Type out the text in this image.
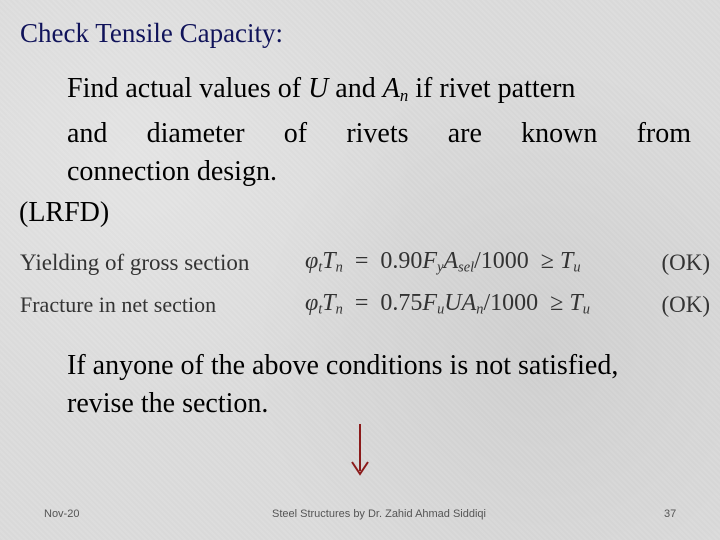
Check Tensile Capacity:
Find actual values of U and $A_n$ if rivet pattern
and diameter of rivets are known from
connection design.
(LRFD)
Yielding of gross section $\varphi_tT_n = 0.90F_yA_{sel}/1000 \ge T_u$	(OK)
Fracture in net section	$\varphi_tT_n = 0.75F_uUA_n/1000 \ge T_u$	(OK)
If anyone of the above conditions is not satisfied,
revise the section.
Nov-20	Steel Structures by Dr. Zahid Ahmad Siddiqi	37
